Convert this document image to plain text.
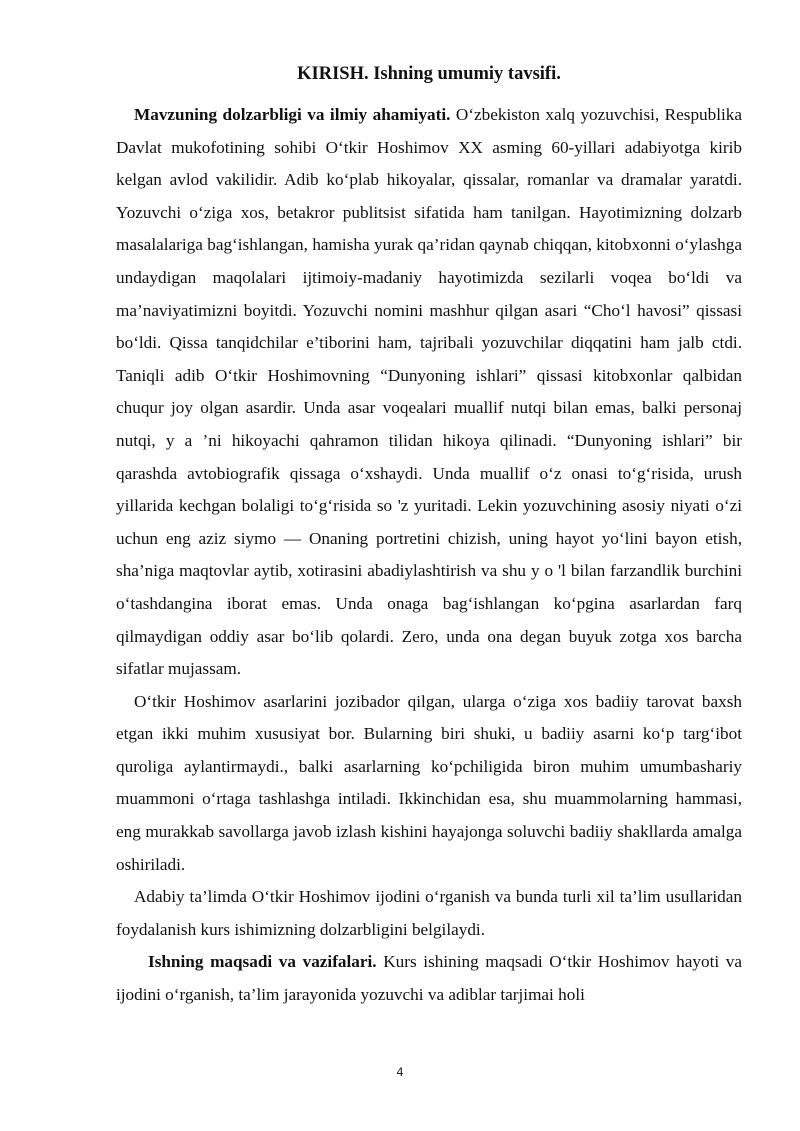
KIRISH. Ishning umumiy tavsifi.

Mavzuning dolzarbligi va ilmiy ahamiyati. O‘zbekiston xalq yozuvchisi, Respublika Davlat mukofotining sohibi O‘tkir Hoshimov XX asming 60-yillari adabiyotga kirib kelgan avlod vakilidir. Adib ko‘plab hikoyalar, qissalar, romanlar va dramalar yaratdi. Yozuvchi o‘ziga xos, betakror publitsist sifatida ham tanilgan. Hayotimizning dolzarb masalalariga bag‘ishlangan, hamisha yurak qa’ridan qaynab chiqqan, kitobxonni o‘ylashga undaydigan maqolalari ijtimoiy-madaniy hayotimizda sezilarli voqea bo‘ldi va ma’naviyatimizni boyitdi. Yozuvchi nomini mashhur qilgan asari “Cho‘l havosi” qissasi bo‘ldi. Qissa tanqidchilar e’tiborini ham, tajribali yozuvchilar diqqatini ham jalb ctdi. Taniqli adib O‘tkir Hoshimovning “Dunyoning ishlari” qissasi kitobxonlar qalbidan chuqur joy olgan asardir. Unda asar voqealari muallif nutqi bilan emas, balki personaj nutqi, y a ’ni hikoyachi qahramon tilidan hikoya qilinadi. “Dunyoning ishlari” bir qarashda avtobiografik qissaga o‘xshaydi. Unda muallif o‘z onasi to‘g‘risida, urush yillarida kechgan bolaligi to‘g‘risida so 'z yuritadi. Lekin yozuvchining asosiy niyati o‘zi uchun eng aziz siymo — Onaning portretini chizish, uning hayot yo‘lini bayon etish, sha’niga maqtovlar aytib, xotirasini abadiylashtirish va shu y o 'l bilan farzandlik burchini o‘tashdangina iborat emas. Unda onaga bag‘ishlangan ko‘pgina asarlardan farq qilmaydigan oddiy asar bo‘lib qolardi. Zero, unda ona degan buyuk zotga xos barcha sifatlar mujassam.

O‘tkir Hoshimov asarlarini jozibador qilgan, ularga o‘ziga xos badiiy tarovat baxsh etgan ikki muhim xususiyat bor. Bularning biri shuki, u badiiy asarni ko‘p targ‘ibot quroliga aylantirmaydi., balki asarlarning ko‘pchiligida biron muhim umumbashariy muammoni o‘rtaga tashlashga intiladi. Ikkinchidan esa, shu muammolarning hammasi, eng murakkab savollarga javob izlash kishini hayajonga soluvchi badiiy shakllarda amalga oshiriladi.

Adabiy ta’limda O‘tkir Hoshimov ijodini o‘rganish va bunda turli xil ta’lim usullaridan foydalanish kurs ishimizning dolzarbligini belgilaydi.

Ishning maqsadi va vazifalari. Kurs ishining maqsadi O‘tkir Hoshimov hayoti va ijodini o‘rganish, ta’lim jarayonida yozuvchi va adiblar tarjimai holi

4
